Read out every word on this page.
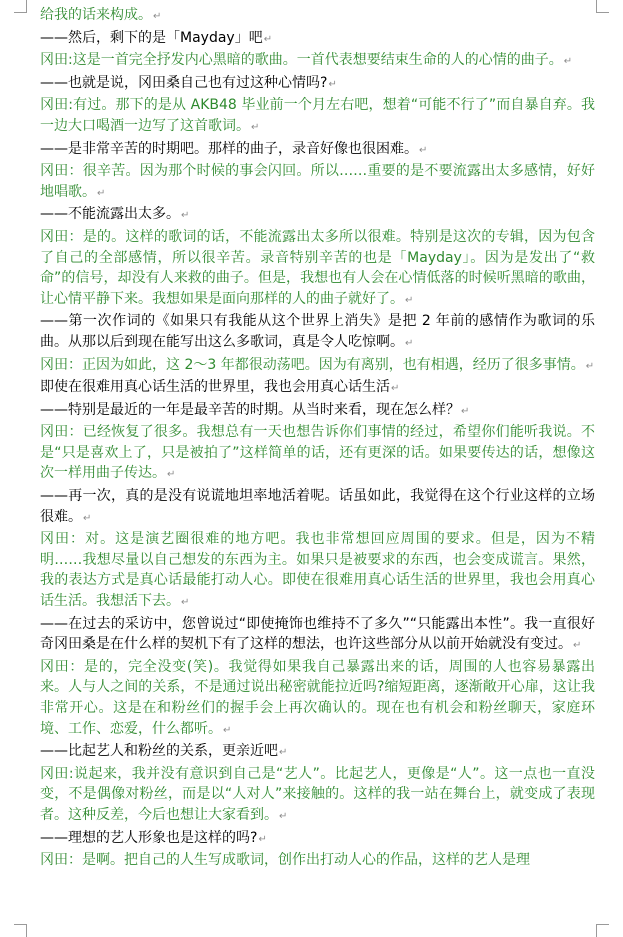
给我的话来构成。↵

——然后，剩下的是「Mayday」吧↵

冈田:这是一首完全抒发内心黑暗的歌曲。一首代表想要结束生命的人的心情的曲子。↵

——也就是说，冈田桑自己也有过这种心情吗?↵

冈田:有过。那下的是从 AKB48 毕业前一个月左右吧，想着“可能不行了”而自暴自弃。我一边大口喝酒一边写了这首歌词。↵

——是非常辛苦的时期吧。那样的曲子，录音好像也很困难。↵

冈田：很辛苦。因为那个时候的事会闪回。所以……重要的是不要流露出太多感情，好好地唱歌。↵

——不能流露出太多。↵

冈田：是的。这样的歌词的话，不能流露出太多所以很难。特别是这次的专辑，因为包含了自己的全部感情，所以很辛苦。录音特别辛苦的也是「Mayday」。因为是发出了“救命”的信号，却没有人来救的曲子。但是，我想也有人会在心情低落的时候听黑暗的歌曲，让心情平静下来。我想如果是面向那样的人的曲子就好了。↵

——第一次作词的《如果只有我能从这个世界上消失》是把 2 年前的感情作为歌词的乐曲。从那以后到现在能写出这么多歌词，真是令人吃惊啊。↵

冈田：正因为如此，这 2～3 年都很动荡吧。因为有离别，也有相遇，经历了很多事情。↵

即使在很难用真心话生活的世界里，我也会用真心话生活↵

——特别是最近的一年是最辛苦的时期。从当时来看，现在怎么样？↵

冈田：已经恢复了很多。我想总有一天也想告诉你们事情的经过，希望你们能听我说。不是“只是喜欢上了，只是被拍了”这样简单的话，还有更深的话。如果要传达的话，想像这次一样用曲子传达。↵

——再一次，真的是没有说谎地坦率地活着呢。话虽如此，我觉得在这个行业这样的立场很难。↵

冈田：对。这是演艺圈很难的地方吧。我也非常想回应周围的要求。但是，因为不精明……我想尽量以自己想发的东西为主。如果只是被要求的东西，也会变成谎言。果然，我的表达方式是真心话最能打动人心。即使在很难用真心话生活的世界里，我也会用真心话生活。我想活下去。↵

——在过去的采访中，您曾说过“即使掩饰也维持不了多久”“只能露出本性”。我一直很好奇冈田桑是在什么样的契机下有了这样的想法，也许这些部分从以前开始就没有变过。↵

冈田：是的，完全没变(笑)。我觉得如果我自己暴露出来的话，周围的人也容易暴露出来。人与人之间的关系，不是通过说出秘密就能拉近吗?缩短距离，逐渐敞开心扉，这让我非常开心。这是在和粉丝们的握手会上再次确认的。现在也有机会和粉丝聊天，家庭环境、工作、恋爱，什么都听。↵

——比起艺人和粉丝的关系，更亲近吧↵

冈田:说起来，我并没有意识到自己是“艺人”。比起艺人，更像是“人”。这一点也一直没变，不是偶像对粉丝，而是以“人对人”来接触的。这样的我一站在舞台上，就变成了表现者。这种反差，今后也想让大家看到。↵

——理想的艺人形象也是这样的吗?↵

冈田：是啊。把自己的人生写成歌词，创作出打动人心的作品，这样的艺人是理
